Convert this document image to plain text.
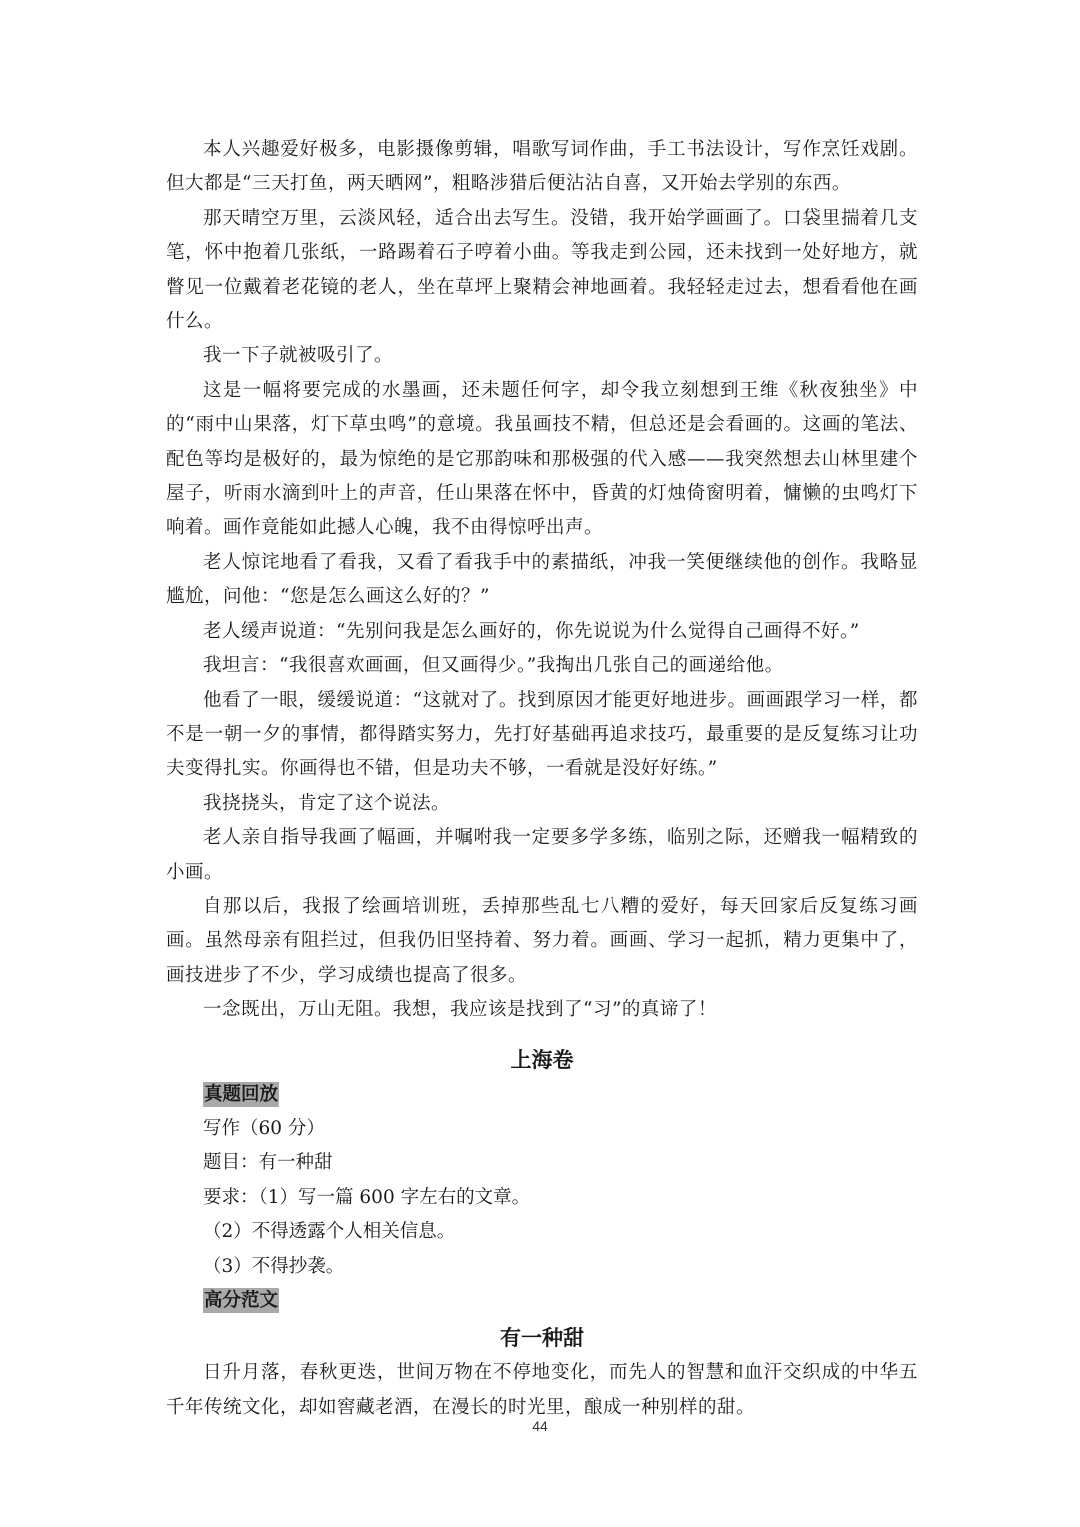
本人兴趣爱好极多，电影摄像剪辑，唱歌写词作曲，手工书法设计，写作烹饪戏剧。但大都是“三天打鱼，两天晒网”，粗略涉猎后便沾沾自喜，又开始去学别的东西。

那天晴空万里，云淡风轻，适合出去写生。没错，我开始学画画了。口袋里揣着几支笔，怀中抱着几张纸，一路踢着石子哼着小曲。等我走到公园，还未找到一处好地方，就瞥见一位戴着老花镜的老人，坐在草坪上聚精会神地画着。我轻轻走过去，想看看他在画什么。

我一下子就被吸引了。

这是一幅将要完成的水墨画，还未题任何字，却令我立刻想到王维《秋夜独坐》中的“雨中山果落，灯下草虫鸣”的意境。我虽画技不精，但总还是会看画的。这画的笔法、配色等均是极好的，最为惊绝的是它那韵味和那极强的代入感——我突然想去山林里建个屋子，听雨水滴到叶上的声音，任山果落在怀中，昏黄的灯烛倚窗明着，慵懒的虫鸣灯下响着。画作竟能如此撼人心魄，我不由得惊呼出声。

老人惊诧地看了看我，又看了看我手中的素描纸，冲我一笑便继续他的创作。我略显尴尬，问他：“您是怎么画这么好的？”

老人缓声说道：“先别问我是怎么画好的，你先说说为什么觉得自己画得不好。”

我坦言：“我很喜欢画画，但又画得少。”我掏出几张自己的画递给他。

他看了一眼，缓缓说道：“这就对了。找到原因才能更好地进步。画画跟学习一样，都不是一朝一夕的事情，都得踏实努力，先打好基础再追求技巧，最重要的是反复练习让功夫变得扎实。你画得也不错，但是功夫不够，一看就是没好好练。”

我挠挠头，肯定了这个说法。

老人亲自指导我画了幅画，并嘱咐我一定要多学多练，临别之际，还赠我一幅精致的小画。

自那以后，我报了绘画培训班，丢掉那些乱七八糟的爱好，每天回家后反复练习画画。虽然母亲有阻拦过，但我仍旧坚持着、努力着。画画、学习一起抓，精力更集中了，画技进步了不少，学习成绩也提高了很多。

一念既出，万山无阻。我想，我应该是找到了“习”的真谛了！

上海卷

真题回放

写作（60 分）

题目：有一种甜

要求：（1）写一篇 600 字左右的文章。

（2）不得透露个人相关信息。

（3）不得抄袭。

高分范文

有一种甜

日升月落，春秋更迭，世间万物在不停地变化，而先人的智慧和血汗交织成的中华五千年传统文化，却如窖藏老酒，在漫长的时光里，酿成一种别样的甜。

44
